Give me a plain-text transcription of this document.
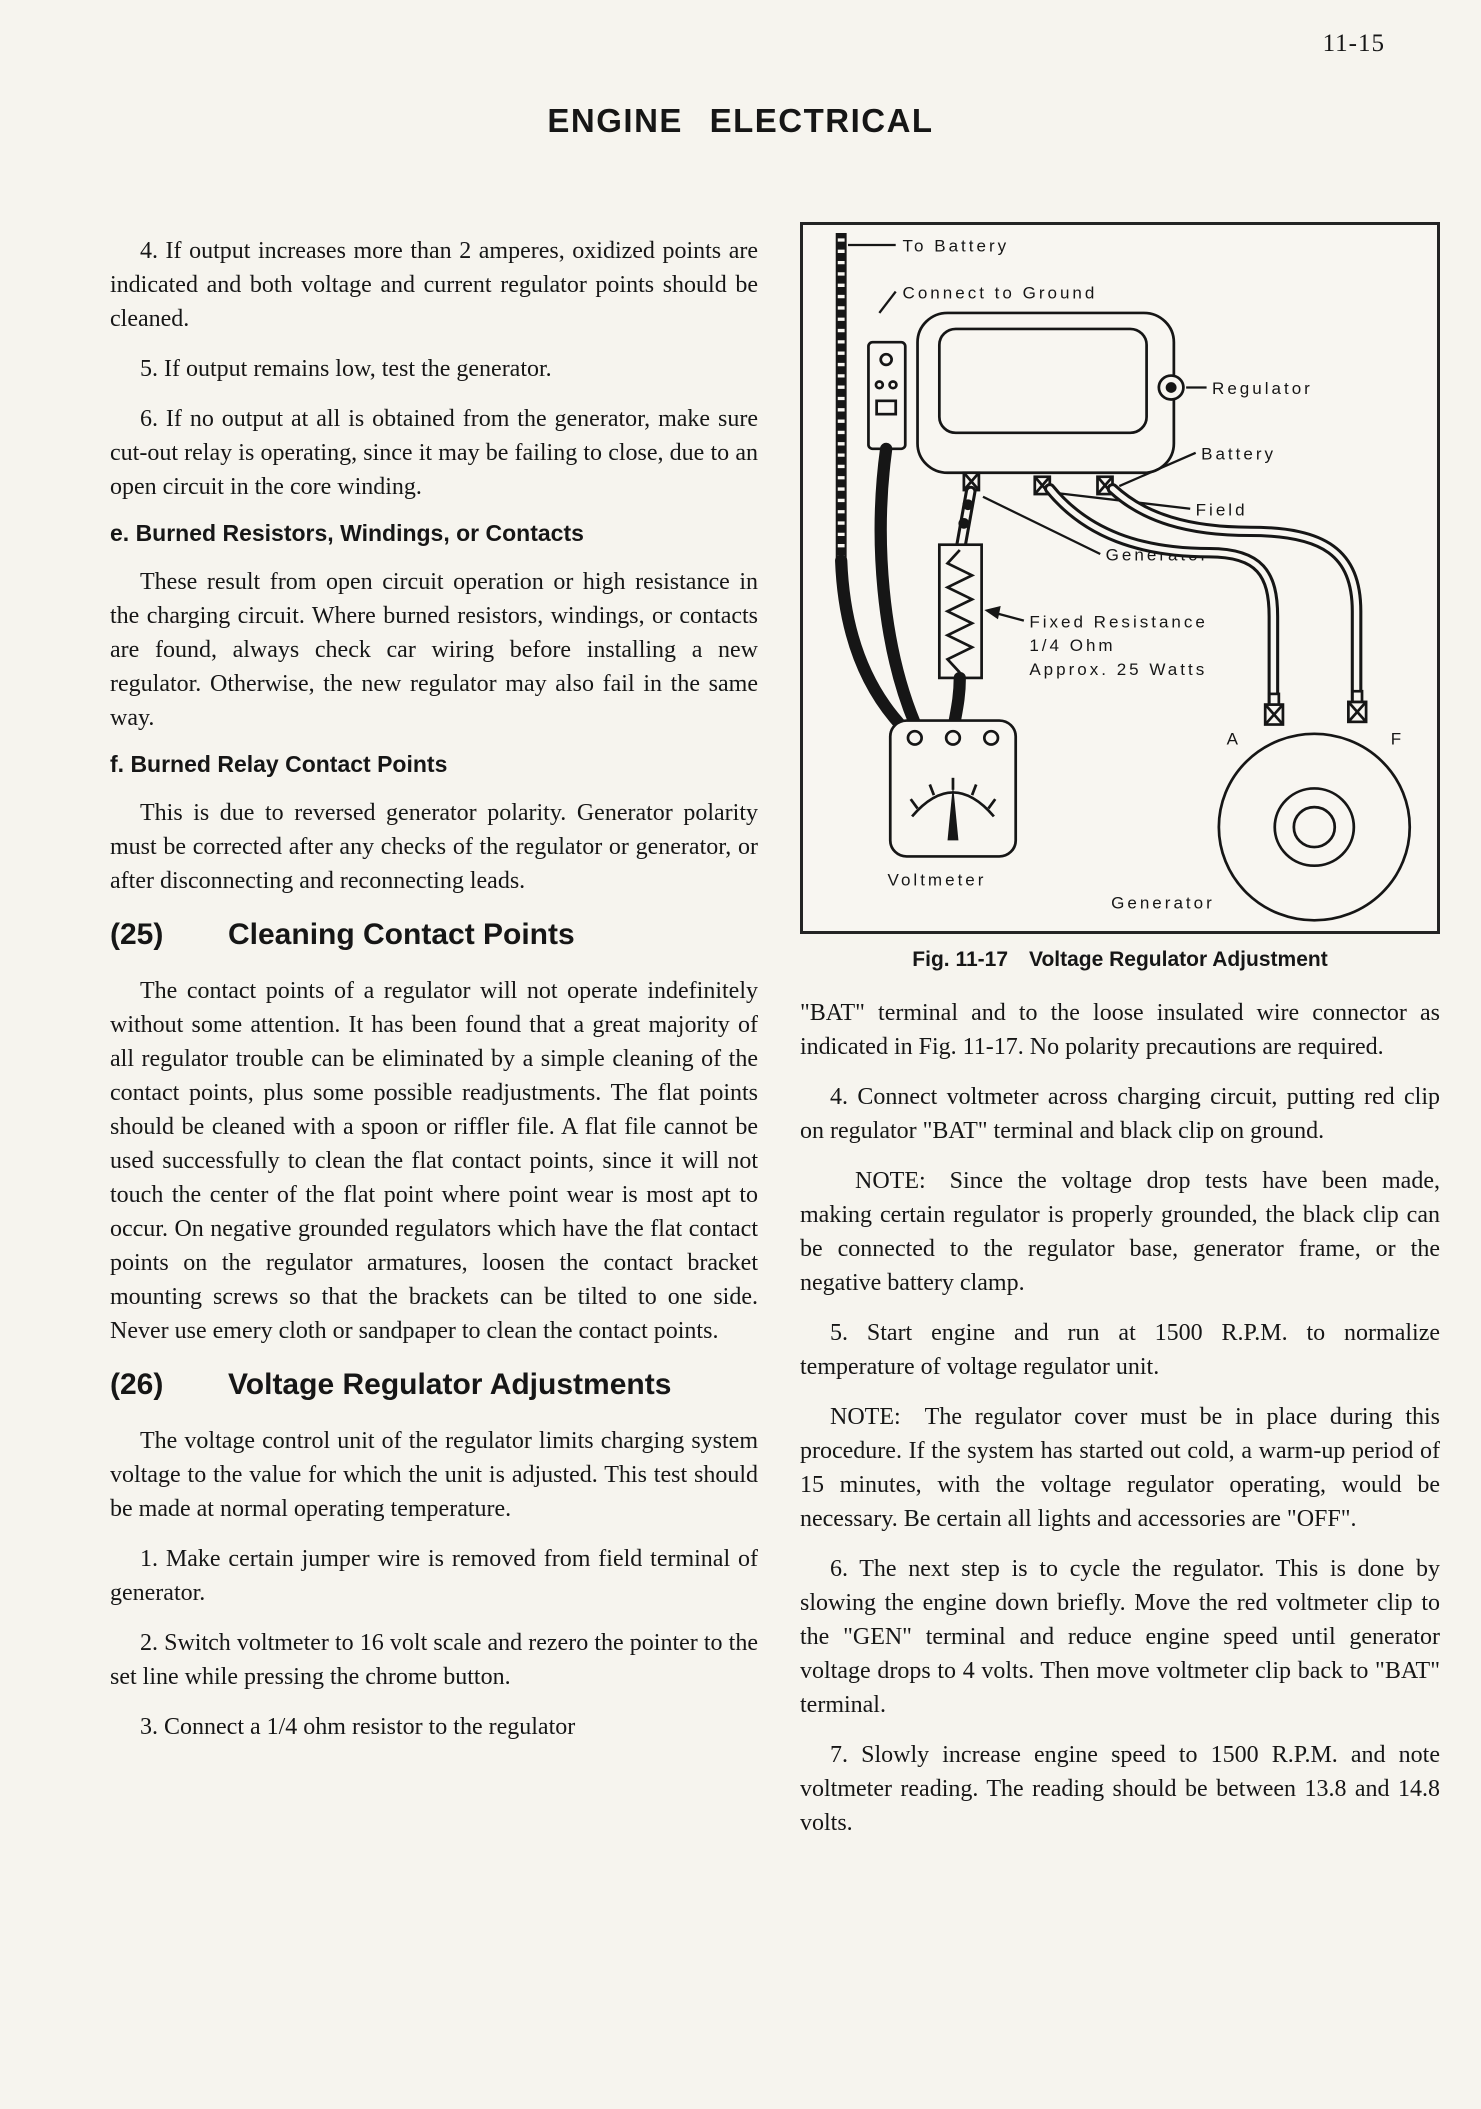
11-15
ENGINE ELECTRICAL

4. If output increases more than 2 amperes, oxidized points are indicated and both voltage and current regulator points should be cleaned.

5. If output remains low, test the generator.

6. If no output at all is obtained from the generator, make sure cut-out relay is operating, since it may be failing to close, due to an open circuit in the core winding.

e. Burned Resistors, Windings, or Contacts

These result from open circuit operation or high resistance in the charging circuit. Where burned resistors, windings, or contacts are found, always check car wiring before installing a new regulator. Otherwise, the new regulator may also fail in the same way.

f. Burned Relay Contact Points

This is due to reversed generator polarity. Generator polarity must be corrected after any checks of the regulator or generator, or after disconnecting and reconnecting leads.

(25)	Cleaning Contact Points

The contact points of a regulator will not operate indefinitely without some attention. It has been found that a great majority of all regulator trouble can be eliminated by a simple cleaning of the contact points, plus some possible readjustments. The flat points should be cleaned with a spoon or riffler file. A flat file cannot be used successfully to clean the flat contact points, since it will not touch the center of the flat point where point wear is most apt to occur. On negative grounded regulators which have the flat contact points on the regulator armatures, loosen the contact bracket mounting screws so that the brackets can be tilted to one side. Never use emery cloth or sandpaper to clean the contact points.

(26)	Voltage Regulator Adjustments

The voltage control unit of the regulator limits charging system voltage to the value for which the unit is adjusted. This test should be made at normal operating temperature.

1. Make certain jumper wire is removed from field terminal of generator.

2. Switch voltmeter to 16 volt scale and rezero the pointer to the set line while pressing the chrome button.

3. Connect a 1/4 ohm resistor to the regulator

To Battery
Connect to Ground
Regulator
Battery
Field
Generator
Fixed Resistance
1/4 Ohm
Approx. 25 Watts
Voltmeter
A	F
Generator
Fig. 11-17  Voltage Regulator Adjustment

"BAT" terminal and to the loose insulated wire connector as indicated in Fig. 11-17. No polarity precautions are required.

4. Connect voltmeter across charging circuit, putting red clip on regulator "BAT" terminal and black clip on ground.

NOTE:  Since the voltage drop tests have been made, making certain regulator is properly grounded, the black clip can be connected to the regulator base, generator frame, or the negative battery clamp.

5. Start engine and run at 1500 R.P.M. to normalize temperature of voltage regulator unit.

NOTE:  The regulator cover must be in place during this procedure. If the system has started out cold, a warm-up period of 15 minutes, with the voltage regulator operating, would be necessary. Be certain all lights and accessories are "OFF".

6. The next step is to cycle the regulator. This is done by slowing the engine down briefly. Move the red voltmeter clip to the "GEN" terminal and reduce engine speed until generator voltage drops to 4 volts. Then move voltmeter clip back to "BAT" terminal.

7. Slowly increase engine speed to 1500 R.P.M. and note voltmeter reading. The reading should be between 13.8 and 14.8 volts.
